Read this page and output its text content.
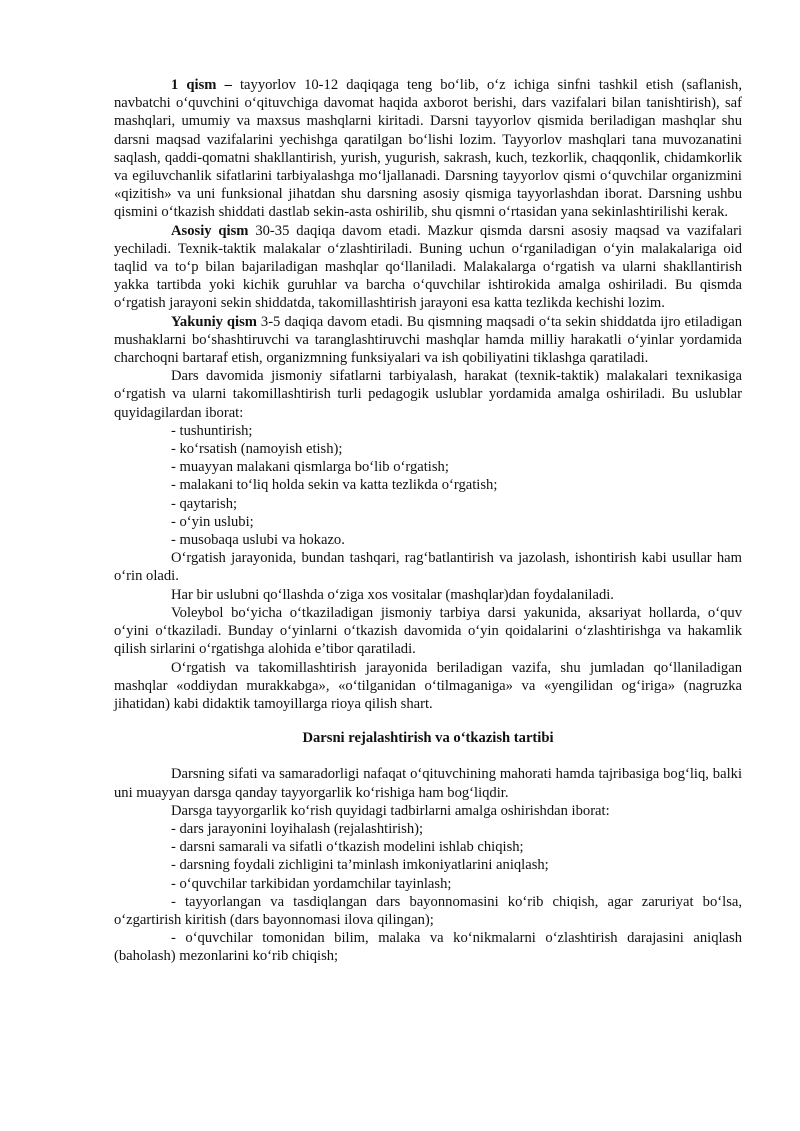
1 qism – tayyorlov 10-12 daqiqaga teng bo‘lib, o‘z ichiga sinfni tashkil etish (saflanish, navbatchi o‘quvchini o‘qituvchiga davomat haqida axborot berishi, dars vazifalari bilan tanishtirish), saf mashqlari, umumiy va maxsus mashqlarni kiritadi. Darsni tayyorlov qismida beriladigan mashqlar shu darsni maqsad vazifalarini yechishga qaratilgan bo‘lishi lozim. Tayyorlov mashqlari tana muvozanatini saqlash, qaddi-qomatni shakllantirish, yurish, yugurish, sakrash, kuch, tezkorlik, chaqqonlik, chidamkorlik va egiluvchanlik sifatlarini tarbiyalashga mo‘ljallanadi. Darsning tayyorlov qismi o‘quvchilar organizmini «qizitish» va uni funksional jihatdan shu darsning asosiy qismiga tayyorlashdan iborat. Darsning ushbu qismini o‘tkazish shiddati dastlab sekin-asta oshirilib, shu qismni o‘rtasidan yana sekinlashtirilishi kerak.

Asosiy qism 30-35 daqiqa davom etadi. Mazkur qismda darsni asosiy maqsad va vazifalari yechiladi. Texnik-taktik malakalar o‘zlashtiriladi. Buning uchun o‘rganiladigan o‘yin malakalariga oid taqlid va to‘p bilan bajariladigan mashqlar qo‘llaniladi. Malakalarga o‘rgatish va ularni shakllantirish yakka tartibda yoki kichik guruhlar va barcha o‘quvchilar ishtirokida amalga oshiriladi. Bu qismda o‘rgatish jarayoni sekin shiddatda, takomillashtirish jarayoni esa katta tezlikda kechishi lozim.

Yakuniy qism 3-5 daqiqa davom etadi. Bu qismning maqsadi o‘ta sekin shiddatda ijro etiladigan mushaklarni bo‘shashtiruvchi va taranglashtiruvchi mashqlar hamda milliy harakatli o‘yinlar yordamida charchoqni bartaraf etish, organizmning funksiyalari va ish qobiliyatini tiklashga qaratiladi.

Dars davomida jismoniy sifatlarni tarbiyalash, harakat (texnik-taktik) malakalari texnikasiga o‘rgatish va ularni takomillashtirish turli pedagogik uslublar yordamida amalga oshiriladi. Bu uslublar quyidagilardan iborat:

- tushuntirish;
- ko‘rsatish (namoyish etish);
- muayyan malakani qismlarga bo‘lib o‘rgatish;
- malakani to‘liq holda sekin va katta tezlikda o‘rgatish;
- qaytarish;
- o‘yin uslubi;
- musobaqa uslubi va hokazo.

O‘rgatish jarayonida, bundan tashqari, rag‘batlantirish va jazolash, ishontirish kabi usullar ham o‘rin oladi.

Har bir uslubni qo‘llashda o‘ziga xos vositalar (mashqlar)dan foydalaniladi.

Voleybol bo‘yicha o‘tkaziladigan jismoniy tarbiya darsi yakunida, aksariyat hollarda, o‘quv o‘yini o‘tkaziladi. Bunday o‘yinlarni o‘tkazish davomida o‘yin qoidalarini o‘zlashtirishga va hakamlik qilish sirlarini o‘rgatishga alohida e’tibor qaratiladi.

O‘rgatish va takomillashtirish jarayonida beriladigan vazifa, shu jumladan qo‘llaniladigan mashqlar «oddiydan murakkabga», «o‘tilganidan o‘tilmaganiga» va «yengilidan og‘iriga» (nagruzka jihatidan) kabi didaktik tamoyillarga rioya qilish shart.

Darsni rejalashtirish va o‘tkazish tartibi

Darsning sifati va samaradorligi nafaqat o‘qituvchining mahorati hamda tajribasiga bog‘liq, balki uni muayyan darsga qanday tayyorgarlik ko‘rishiga ham bog‘liqdir.

Darsga tayyorgarlik ko‘rish quyidagi tadbirlarni amalga oshirishdan iborat:

- dars jarayonini loyihalash (rejalashtirish);
- darsni samarali va sifatli o‘tkazish modelini ishlab chiqish;
- darsning foydali zichligini ta’minlash imkoniyatlarini aniqlash;
- o‘quvchilar tarkibidan yordamchilar tayinlash;

- tayyorlangan va tasdiqlangan dars bayonnomasini ko‘rib chiqish, agar zaruriyat bo‘lsa, o‘zgartirish kiritish (dars bayonnomasi ilova qilingan);

- o‘quvchilar tomonidan bilim, malaka va ko‘nikmalarni o‘zlashtirish darajasini aniqlash (baholash) mezonlarini ko‘rib chiqish;
